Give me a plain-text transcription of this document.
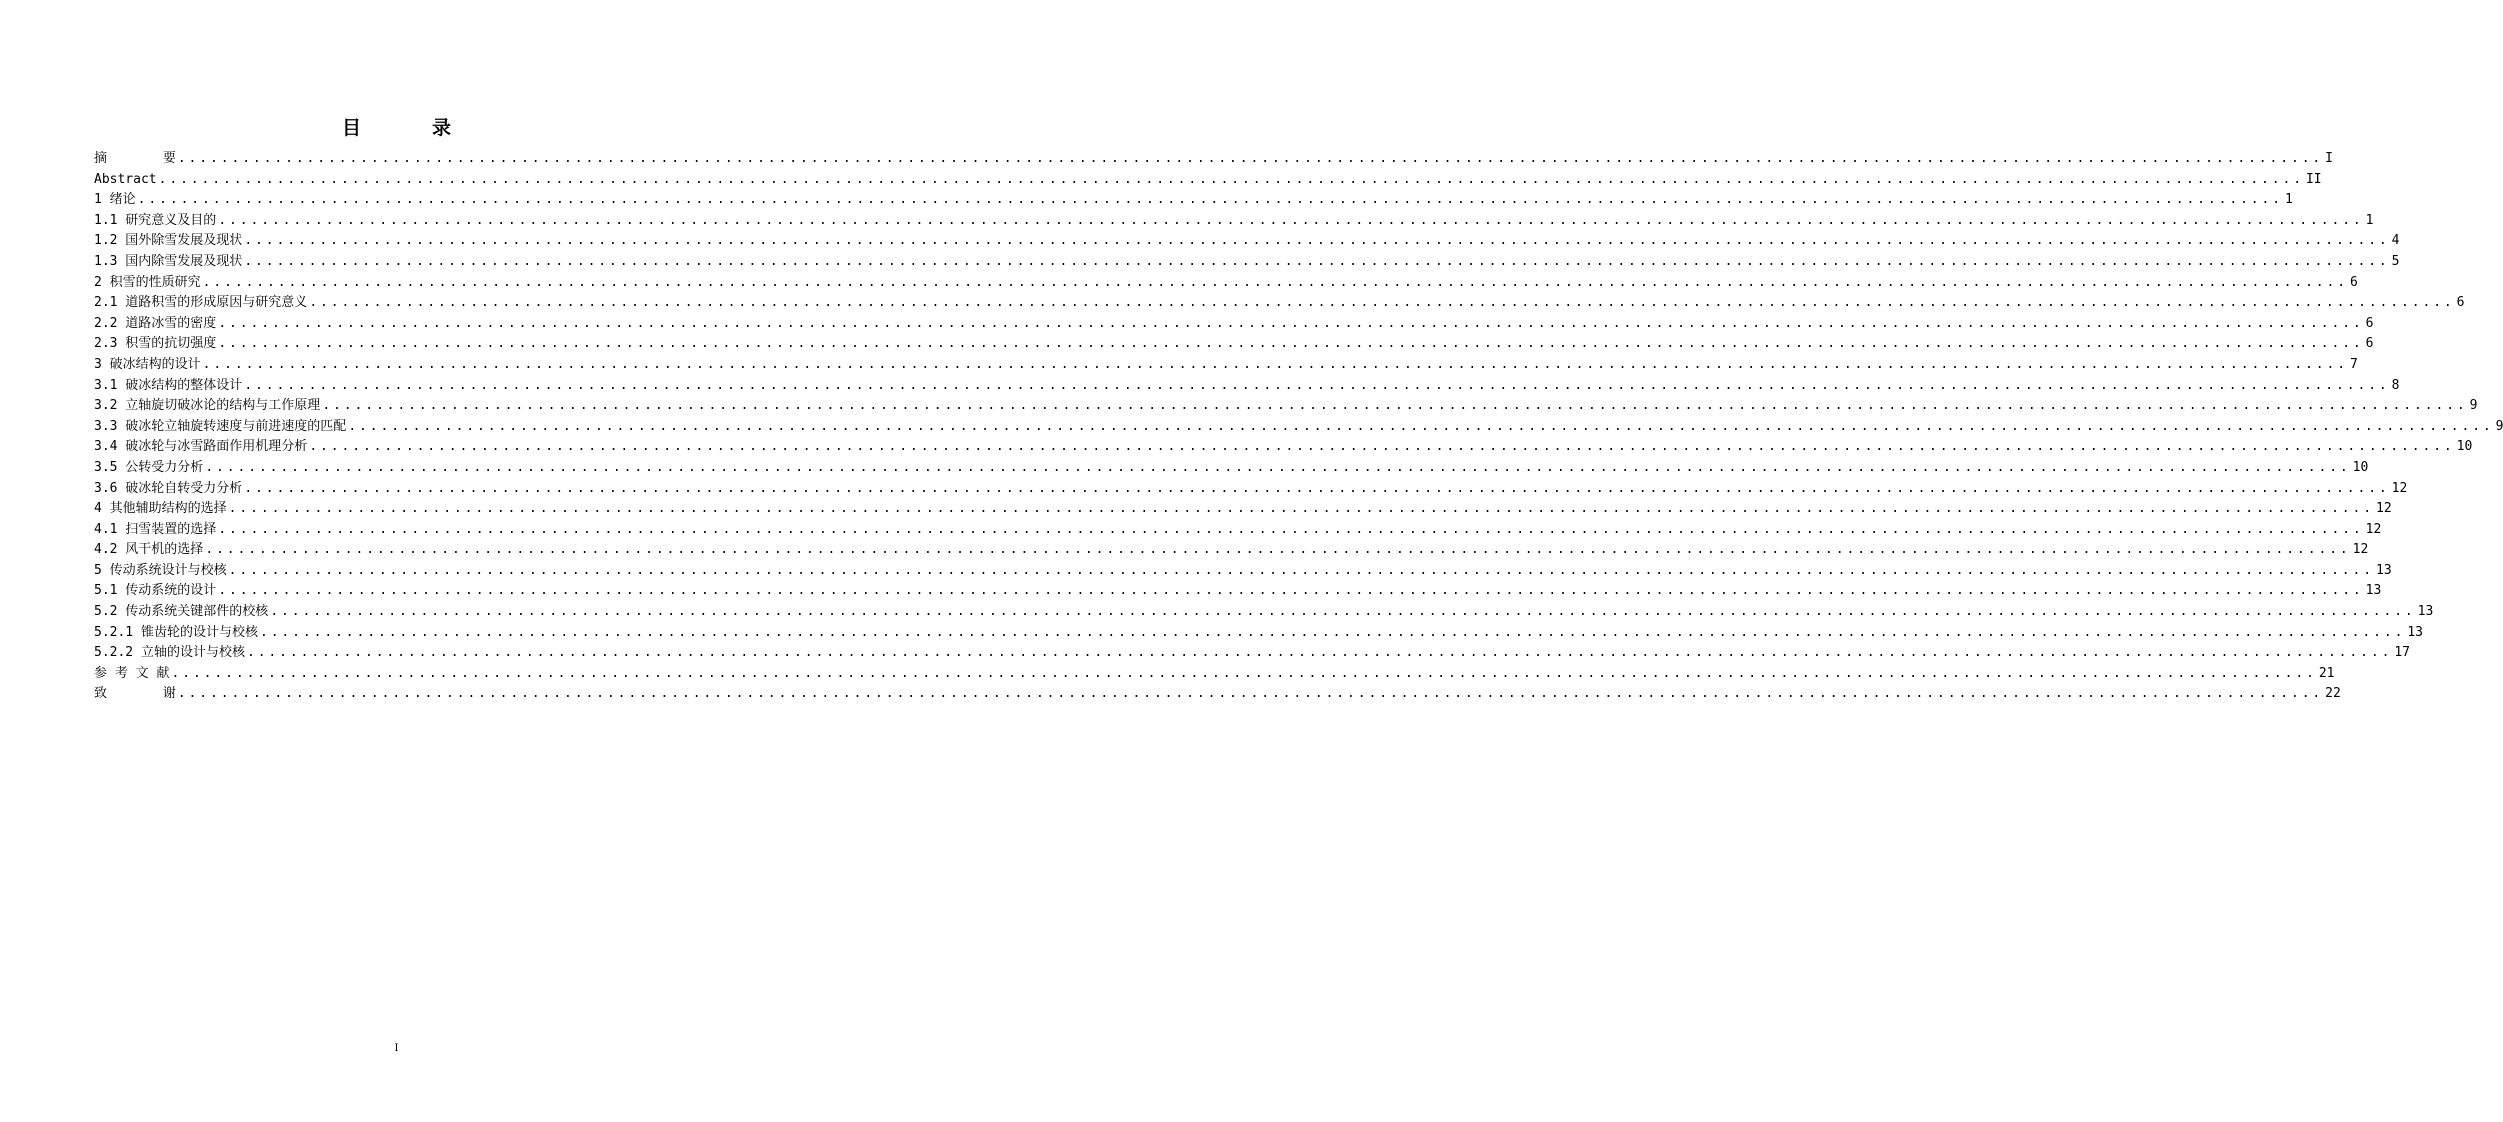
目　录
摘 要 ........................................................................................................................................................................................................ I
Abstract ........................................................................................................................................................................................................ II
1 绪论 ........................................................................................................................................................................................................ 1
1.1 研究意义及目的 ........................................................................................................................................................................................................ 1
1.2 国外除雪发展及现状 ........................................................................................................................................................................................................ 4
1.3 国内除雪发展及现状 ........................................................................................................................................................................................................ 5
2 积雪的性质研究 ........................................................................................................................................................................................................ 6
2.1 道路积雪的形成原因与研究意义 ........................................................................................................................................................................................................ 6
2.2 道路冰雪的密度 ........................................................................................................................................................................................................ 6
2.3 积雪的抗切强度 ........................................................................................................................................................................................................ 6
3 破冰结构的设计 ........................................................................................................................................................................................................ 7
3.1 破冰结构的整体设计 ........................................................................................................................................................................................................ 8
3.2 立轴旋切破冰论的结构与工作原理 ........................................................................................................................................................................................................ 9
3.3 破冰轮立轴旋转速度与前进速度的匹配 ........................................................................................................................................................................................................ 9
3.4 破冰轮与冰雪路面作用机理分析 ........................................................................................................................................................................................................ 10
3.5 公转受力分析 ........................................................................................................................................................................................................ 10
3.6 破冰轮自转受力分析 ........................................................................................................................................................................................................ 12
4 其他辅助结构的选择 ........................................................................................................................................................................................................ 12
4.1 扫雪装置的选择 ........................................................................................................................................................................................................ 12
4.2 风干机的选择 ........................................................................................................................................................................................................ 12
5 传动系统设计与校核 ........................................................................................................................................................................................................ 13
5.1 传动系统的设计 ........................................................................................................................................................................................................ 13
5.2 传动系统关键部件的校核 ........................................................................................................................................................................................................ 13
5.2.1 锥齿轮的设计与校核 ........................................................................................................................................................................................................ 13
5.2.2 立轴的设计与校核 ........................................................................................................................................................................................................ 17
参 考 文 献 ........................................................................................................................................................................................................ 21
致 谢 ........................................................................................................................................................................................................ 22
I
